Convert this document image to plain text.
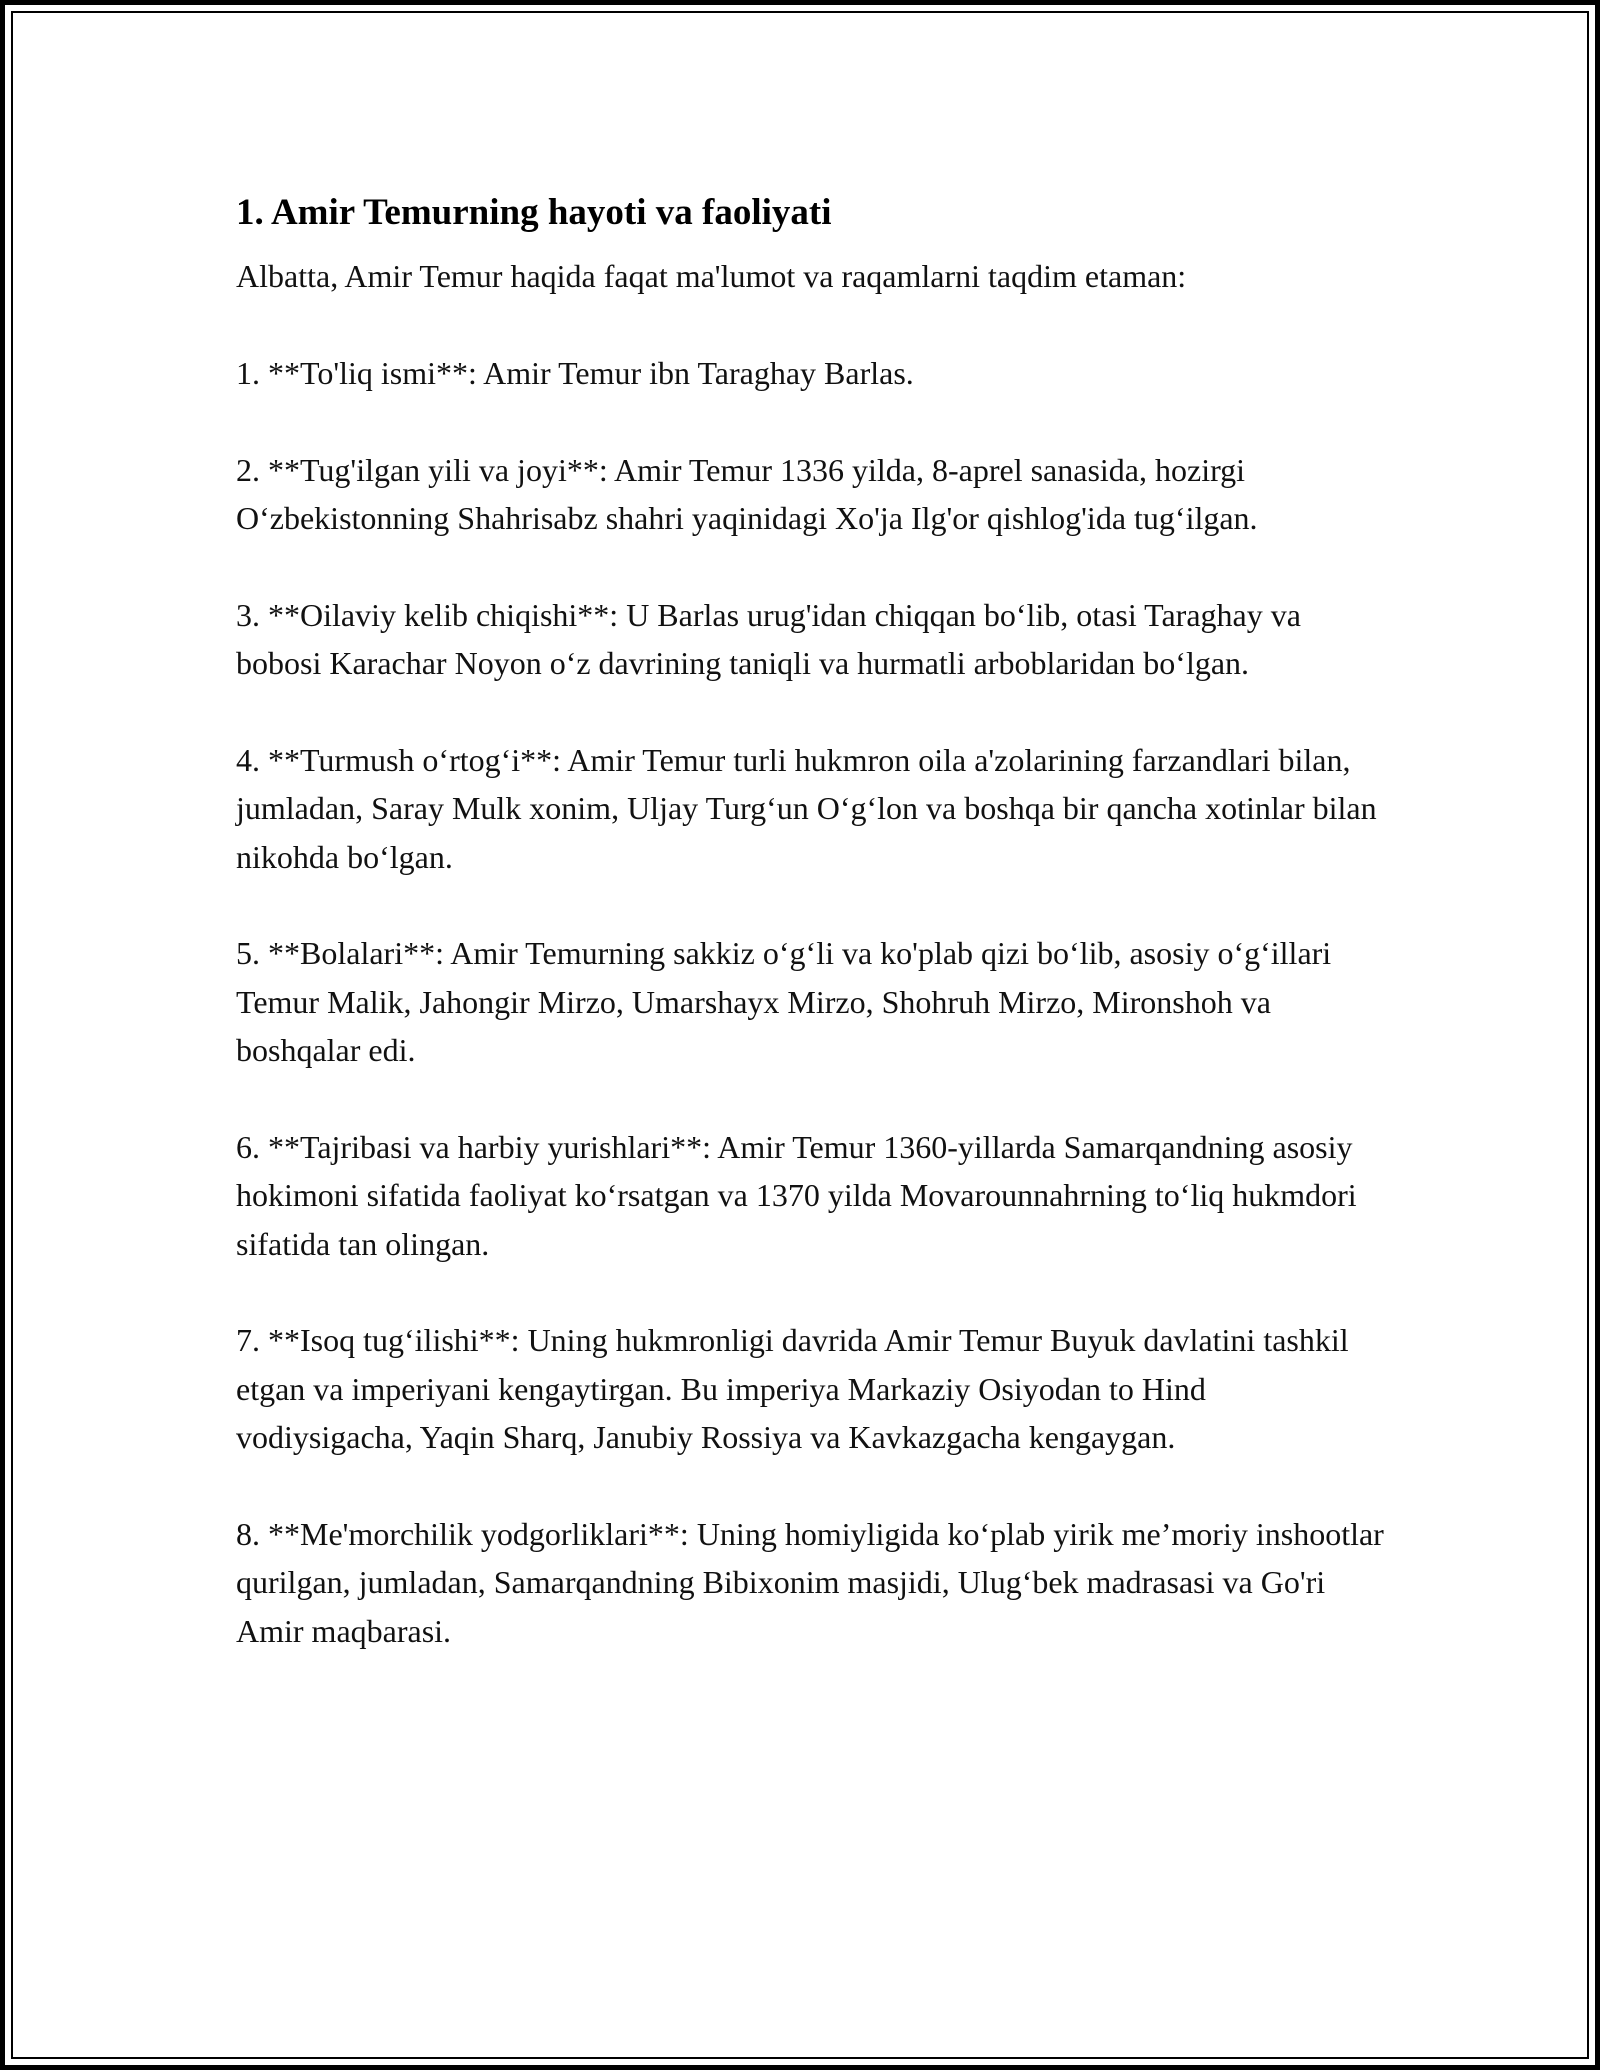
1. Amir Temurning hayoti va faoliyati

Albatta, Amir Temur haqida faqat ma'lumot va raqamlarni taqdim etaman:

1. **To'liq ismi**: Amir Temur ibn Taraghay Barlas.
2. **Tug'ilgan yili va joyi**: Amir Temur 1336 yilda, 8-aprel sanasida, hozirgi O‘zbekistonning Shahrisabz shahri yaqinidagi Xo'ja Ilg'or qishlog'ida tug‘ilgan.
3. **Oilaviy kelib chiqishi**: U Barlas urug'idan chiqqan bo‘lib, otasi Taraghay va bobosi Karachar Noyon o‘z davrining taniqli va hurmatli arboblaridan bo‘lgan.
4. **Turmush o‘rtog‘i**: Amir Temur turli hukmron oila a'zolarining farzandlari bilan, jumladan, Saray Mulk xonim, Uljay Turg‘un O‘g‘lon va boshqa bir qancha xotinlar bilan nikohda bo‘lgan.
5. **Bolalari**: Amir Temurning sakkiz o‘g‘li va ko'plab qizi bo‘lib, asosiy o‘g‘illari Temur Malik, Jahongir Mirzo, Umarshayx Mirzo, Shohruh Mirzo, Mironshoh va boshqalar edi.
6. **Tajribasi va harbiy yurishlari**: Amir Temur 1360-yillarda Samarqandning asosiy hokimoni sifatida faoliyat ko‘rsatgan va 1370 yilda Movarounnahrning to‘liq hukmdori sifatida tan olingan.
7. **Isoq tug‘ilishi**: Uning hukmronligi davrida Amir Temur Buyuk davlatini tashkil etgan va imperiyani kengaytirgan. Bu imperiya Markaziy Osiyodan to Hind vodiysigacha, Yaqin Sharq, Janubiy Rossiya va Kavkazgacha kengaygan.
8. **Me'morchilik yodgorliklari**: Uning homiyligida ko‘plab yirik me’moriy inshootlar qurilgan, jumladan, Samarqandning Bibixonim masjidi, Ulug‘bek madrasasi va Go'ri Amir maqbarasi.
